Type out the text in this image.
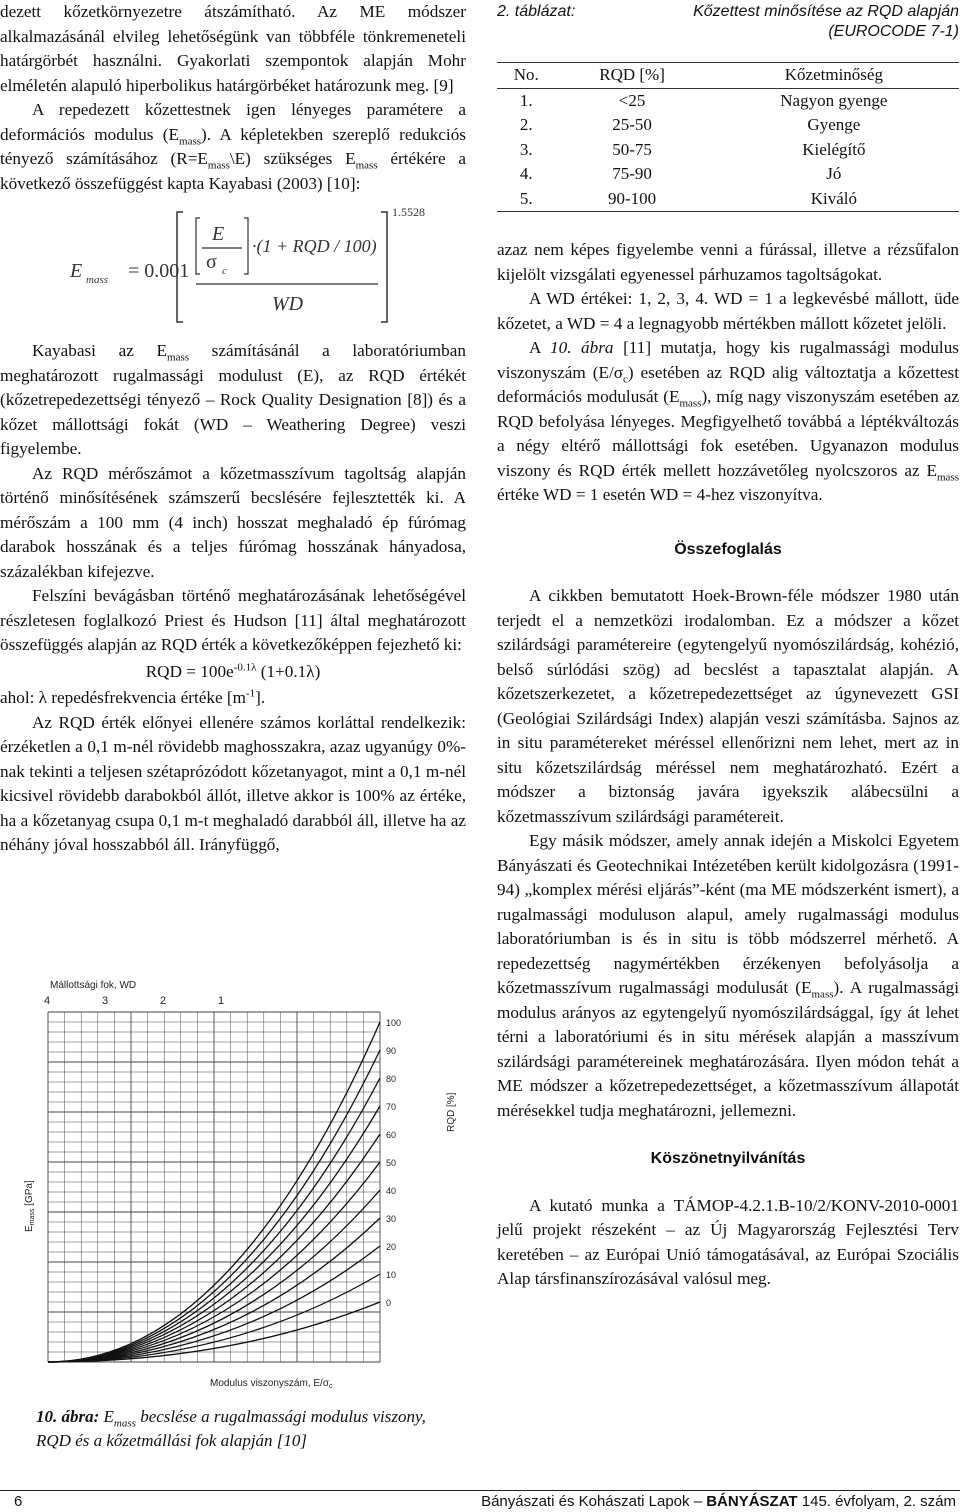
dezett kőzetkörnyezetre átszámítható. Az ME módszer alkalmazásánál elvileg lehetőségünk van többféle tönkremeneteli határgörbét használni. Gyakorlati szempontok alapján Mohr elméletén alapuló hiperbolikus határgörbéket határozunk meg. [9]

A repedezett kőzettestnek igen lényeges paramétere a deformációs modulus $(E_{mass})$. A képletekben szereplő redukciós tényező számításához $(R=E_{mass}\backslash E)$ szükséges $E_{mass}$ értékére a következő összefüggést kapta Kayabasi (2003) [10]:

E mass = 0.001
E
σ c
·(1 + RQD / 100)
WD
1.5528

Kayabasi az $E_{mass}$ számításánál a laboratóriumban meghatározott rugalmassági modulust (E), az RQD értékét (kőzetrepedezettségi tényező – Rock Quality Designation [8]) és a kőzet mállottsági fokát (WD – Weathering Degree) veszi figyelembe.

Az RQD mérőszámot a kőzetmasszívum tagoltság alapján történő minősítésének számszerű becslésére fejlesztették ki. A mérőszám a 100 mm (4 inch) hosszat meghaladó ép fúrómag darabok hosszának és a teljes fúrómag hosszának hányadosa, százalékban kifejezve.

Felszíni bevágásban történő meghatározásának lehetőségével részletesen foglalkozó Priest és Hudson [11] által meghatározott összefüggés alapján az RQD érték a következőképpen fejezhető ki:

RQD = $100e^{-0.1\lambda}$ (1+0.1λ)

ahol: λ repedésfrekvencia értéke $[m^{-1}]$.

Az RQD érték előnyei ellenére számos korláttal rendelkezik: érzéketlen a 0,1 m-nél rövidebb maghosszakra, azaz ugyanúgy 0%-nak tekinti a teljesen szétaprózódott kőzetanyagot, mint a 0,1 m-nél kicsivel rövidebb darabokból állót, illetve akkor is 100% az értéke, ha a kőzetanyag csupa 0,1 m-t meghaladó darabból áll, illetve ha az néhány jóval hosszabból áll. Irányfüggő,

Mállottsági fok, WD
$E_{mass}$ [GPa]
RQD [%]
Modulus viszonyszám, $E/\sigma_c$
4	3	2	1
100
90
80
70
60
50
40
30
20
10
0
10. ábra: $E_{mass}$ becslése a rugalmassági modulus viszony, RQD és a kőzetmállási fok alapján [10]
2. táblázat:	Kőzettest minősítése az RQD alapján (EUROCODE 7-1)
No.	RQD [%]	Kőzetminőség
1.	<25	Nagyon gyenge
2.	25-50	Gyenge
3.	50-75	Kielégítő
4.	75-90	Jó
5.	90-100	Kiváló

azaz nem képes figyelembe venni a fúrással, illetve a rézsűfalon kijelölt vizsgálati egyenessel párhuzamos tagoltságokat.

A WD értékei: 1, 2, 3, 4. WD = 1 a legkevésbé mállott, üde kőzetet, a WD = 4 a legnagyobb mértékben mállott kőzetet jelöli.

A 10. ábra [11] mutatja, hogy kis rugalmassági modulus viszonyszám $(E/\sigma_c)$ esetében az RQD alig változtatja a kőzettest deformációs modulusát $(E_{mass})$, míg nagy viszonyszám esetében az RQD befolyása lényeges. Megfigyelhető továbbá a léptékváltozás a négy eltérő mállottsági fok esetében. Ugyanazon modulus viszony és RQD érték mellett hozzávetőleg nyolcszoros az $E_{mass}$ értéke WD = 1 esetén WD = 4-hez viszonyítva.

Összefoglalás

A cikkben bemutatott Hoek-Brown-féle módszer 1980 után terjedt el a nemzetközi irodalomban. Ez a módszer a kőzet szilárdsági paramétereire (egytengelyű nyomószilárdság, kohézió, belső súrlódási szög) ad becslést a tapasztalat alapján. A kőzetszerkezetet, a kőzetrepedezettséget az úgynevezett GSI (Geológiai Szilárdsági Index) alapján veszi számításba. Sajnos az in situ paramétereket méréssel ellenőrizni nem lehet, mert az in situ kőzetszilárdság méréssel nem meghatározható. Ezért a módszer a biztonság javára igyekszik alábecsülni a kőzetmasszívum szilárdsági paramétereit.

Egy másik módszer, amely annak idején a Miskolci Egyetem Bányászati és Geotechnikai Intézetében került kidolgozásra (1991-94) „komplex mérési eljárás”-ként (ma ME módszerként ismert), a rugalmassági moduluson alapul, amely rugalmassági modulus laboratóriumban is és in situ is több módszerrel mérhető. A repedezettség nagymértékben érzékenyen befolyásolja a kőzetmasszívum rugalmassági modulusát $(E_{mass})$. A rugalmassági modulus arányos az egytengelyű nyomószilárdsággal, így át lehet térni a laboratóriumi és in situ mérések alapján a masszívum szilárdsági paramétereinek meghatározására. Ilyen módon tehát a ME módszer a kőzetrepedezettséget, a kőzetmasszívum állapotát mérésekkel tudja meghatározni, jellemezni.

Köszönetnyilvánítás

A kutató munka a TÁMOP-4.2.1.B-10/2/KONV-2010-0001 jelű projekt részeként – az Új Magyarország Fejlesztési Terv keretében – az Európai Unió támogatásával, az Európai Szociális Alap társfinanszírozásával valósul meg.

6	Bányászati és Kohászati Lapok – BÁNYÁSZAT 145. évfolyam, 2. szám
